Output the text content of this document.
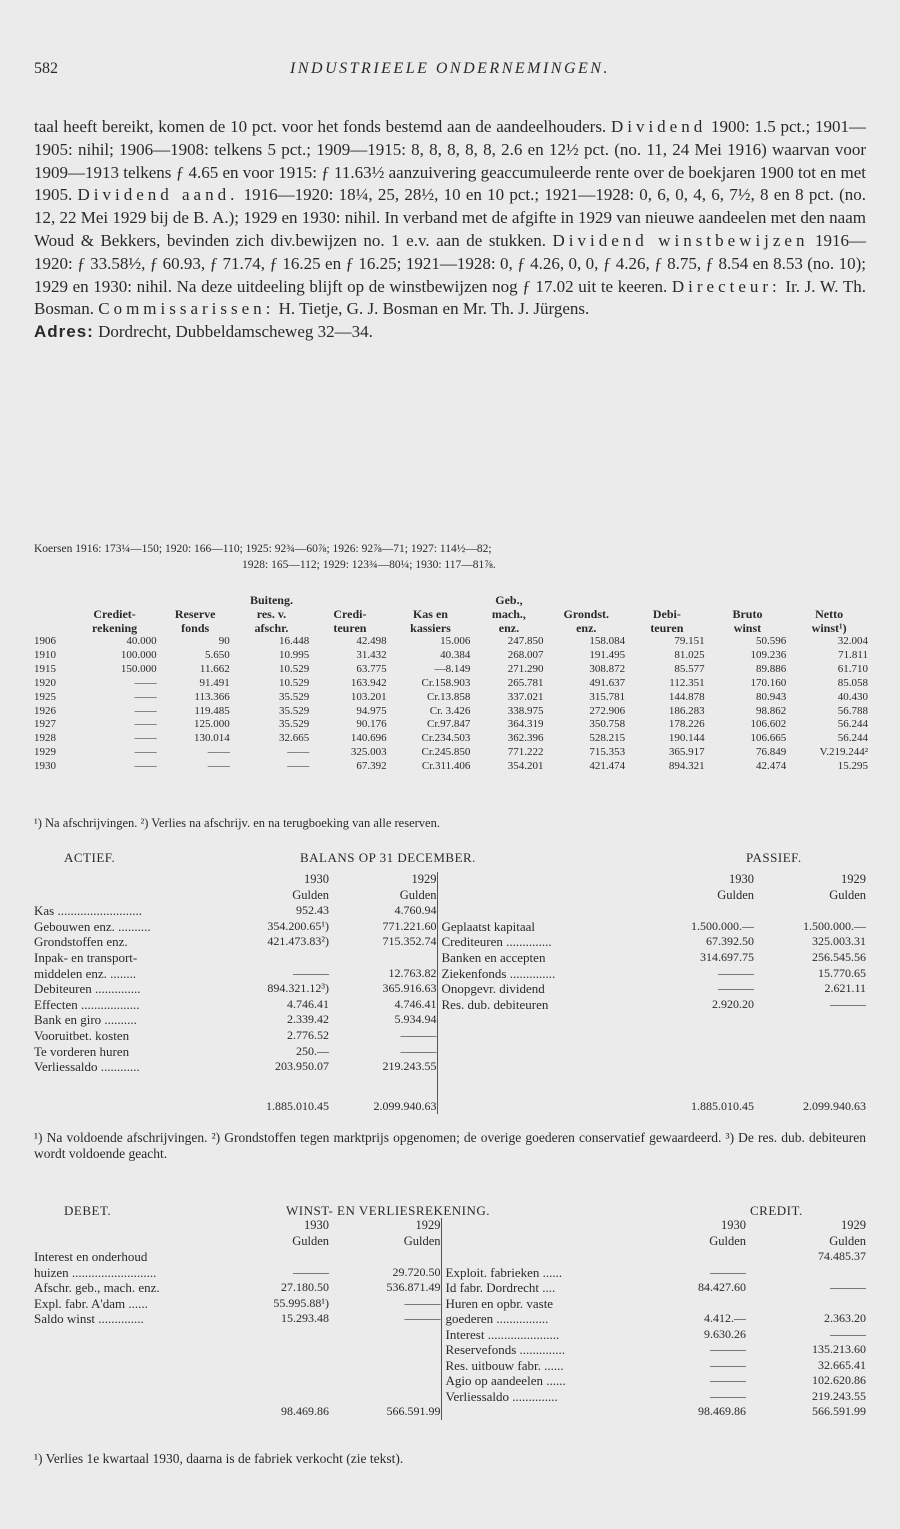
582	INDUSTRIEELE ONDERNEMINGEN.

taal heeft bereikt, komen de 10 pct. voor het fonds bestemd aan de aandeelhouders. Dividend 1900: 1.5 pct.; 1901—1905: nihil; 1906—1908: telkens 5 pct.; 1909—1915: 8, 8, 8, 8, 8, 2.6 en 12½ pct. (no. 11, 24 Mei 1916) waarvan voor 1909—1913 telkens ƒ 4.65 en voor 1915: ƒ 11.63½ aanzuivering geaccumuleerde rente over de boekjaren 1900 tot en met 1905. Dividend aand. 1916—1920: 18¼, 25, 28½, 10 en 10 pct.; 1921—1928: 0, 6, 0, 4, 6, 7½, 8 en 8 pct. (no. 12, 22 Mei 1929 bij de B. A.); 1929 en 1930: nihil. In verband met de afgifte in 1929 van nieuwe aandeelen met den naam Woud & Bekkers, bevinden zich div.bewijzen no. 1 e.v. aan de stukken. Dividend winstbewijzen 1916—1920: ƒ 33.58½, ƒ 60.93, ƒ 71.74, ƒ 16.25 en ƒ 16.25; 1921—1928: 0, ƒ 4.26, 0, 0, ƒ 4.26, ƒ 8.75, ƒ 8.54 en 8.53 (no. 10); 1929 en 1930: nihil. Na deze uitdeeling blijft op de winstbewijzen nog ƒ 17.02 uit te keeren. Directeur: Ir. J. W. Th. Bosman. Commissarissen: H. Tietje, G. J. Bosman en Mr. Th. J. Jürgens.

Adres: Dordrecht, Dubbeldamscheweg 32—34.

Koersen 1916: 173¼—150; 1920: 166—110; 1925: 92¾—60⅞; 1926: 92⅞—71; 1927: 114½—82;

1928: 165—112; 1929: 123¾—80¼; 1930: 117—81⅞.

			Buiteng.			Geb.,				
	Crediet-	Reserve	res. v.	Credi-	Kas en	mach.,	Grondst.	Debi-	Bruto	Netto
	rekening	fonds	afschr.	teuren	kassiers	enz.	enz.	teuren	winst	winst¹)
1906	40.000	90	16.448	42.498	15.006	247.850	158.084	79.151	50.596	32.004
1910	100.000	5.650	10.995	31.432	40.384	268.007	191.495	81.025	109.236	71.811
1915	150.000	11.662	10.529	63.775	—8.149	271.290	308.872	85.577	89.886	61.710
1920	——	91.491	10.529	163.942	Cr.158.903	265.781	491.637	112.351	170.160	85.058
1925	——	113.366	35.529	103.201	Cr.13.858	337.021	315.781	144.878	80.943	40.430
1926	——	119.485	35.529	94.975	Cr. 3.426	338.975	272.906	186.283	98.862	56.788
1927	——	125.000	35.529	90.176	Cr.97.847	364.319	350.758	178.226	106.602	56.244
1928	——	130.014	32.665	140.696	Cr.234.503	362.396	528.215	190.144	106.665	56.244
1929	——	——	——	325.003	Cr.245.850	771.222	715.353	365.917	76.849	V.219.244²
1930	——	——	——	67.392	Cr.311.406	354.201	421.474	894.321	42.474	15.295
¹) Na afschrijvingen. ²) Verlies na afschrijv. en na terugboeking van alle reserven.
ACTIEF.	BALANS OP 31 DECEMBER.	PASSIEF.
	1930	1929		1930	1929
	Gulden	Gulden		Gulden	Gulden
Kas ..........................	952.43	4.760.94			
Gebouwen enz. ..........	354.200.65¹)	771.221.60	Geplaatst kapitaal	1.500.000.—	1.500.000.—
Grondstoffen enz.	421.473.83²)	715.352.74	Crediteuren ..............	67.392.50	325.003.31
Inpak- en transport-			Banken en accepten	314.697.75	256.545.56
middelen enz. ........	———	12.763.82	Ziekenfonds ..............	———	15.770.65
Debiteuren ..............	894.321.12³)	365.916.63	Onopgevr. dividend	———	2.621.11
Effecten ..................	4.746.41	4.746.41	Res. dub. debiteuren	2.920.20	———
Bank en giro ..........	2.339.42	5.934.94			
Vooruitbet. kosten	2.776.52	———			
Te vorderen huren	250.—	———			
Verliessaldo ............	203.950.07	219.243.55			
	1.885.010.45	2.099.940.63		1.885.010.45	2.099.940.63
¹) Na voldoende afschrijvingen. ²) Grondstoffen tegen marktprijs opgenomen; de overige goederen conservatief gewaardeerd. ³) De res. dub. debiteuren wordt voldoende geacht.
DEBET.	WINST- EN VERLIESREKENING.	CREDIT.
	1930	1929		1930	1929
	Gulden	Gulden		Gulden	Gulden
Interest en onderhoud					74.485.37
huizen ..........................	———	29.720.50	Exploit. fabrieken ......	———	
Afschr. geb., mach. enz.	27.180.50	536.871.49	Id fabr. Dordrecht ....	84.427.60	———
Expl. fabr. A'dam ......	55.995.88¹)	———	Huren en opbr. vaste		
Saldo winst ..............	15.293.48	———	goederen ................	4.412.—	2.363.20
			Interest ......................	9.630.26	———
			Reservefonds ..............	———	135.213.60
			Res. uitbouw fabr. ......	———	32.665.41
			Agio op aandeelen ......	———	102.620.86
			Verliessaldo ..............	———	219.243.55
	98.469.86	566.591.99		98.469.86	566.591.99
¹) Verlies 1e kwartaal 1930, daarna is de fabriek verkocht (zie tekst).
